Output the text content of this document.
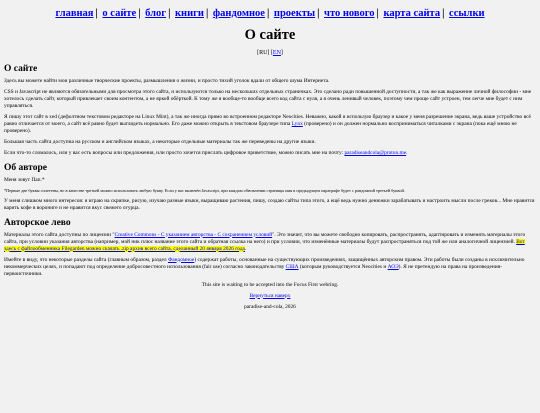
главная | о сайте | блог | книги | фандомное | проекты | что нового | карта сайта | ссылки
О сайте
[RU] [EN]
О сайте

Здесь вы можете найти мои различные творческие проекты, размышления о жизни, и просто тихий уголок вдали от общего шума Интернета.

CSS и Javascript не являются обязательными для просмотра этого сайта, и используются только на нескольких отдельных страничках. Это сделано ради повышенной доступности, а так же как выражение личной философии - мне хотелось сделать сайт, который привлекает своим контентом, а не яркой обёрткой. К тому же я вообще-то вообще всего код сайта с нуля, а я очень ленивый человек, поэтому чем проще сайт устроен, тем легче мне будет с ним управляться.

Я пишу этот сайт в xed (дефолтном текстовом редакторе на Linux Mint), а так же иногда прямо во встроенном редакторе Neocities. Неважно, какой я использую браузер и какое у меня разрешение экрана, ведь ваше устройство всё равно отличается от моего, а сайт всё равно будет выглядеть нормально. Его даже можно открыть в текстовом браузере типа Lynx (проверено) и он должен нормально восприниматься читалками с экрана (пока ещё мною не проверено).

Большая часть сайта доступна на русском и английском языках, а некоторые отдельные материалы так же переведены на другие языки.

Если что-то сломалось, или у вас есть вопросы или предложения, или просто хочется прислать цифровое приветствие, можно писать мне на почту: paradiseandcola@proton.me.

Об авторе

Меня зовут Пап.*

*Первые две буквы сплетены, но в качестве третьей можно использовать любую букву. Если у вас включён Javascript, при каждом обновлении страницы имя в предыдущем параграфе будет с рандомной третьей буквой.

У меня слишком много интересов: я играю на скрипке, рисую, изучаю разные языки, выращиваю растения, пишу, создаю сайты типа этого, а ещё ведь нужно денюжки зарабатывать и настроить мысли после греков... Мне нравится варить кофе в ворониге и не нравится вкус свежего огурца.

Авторское лево

Материалы этого сайта доступны по лицензии "Creative Commons - С указанием авторства - С сохранением условий". Это значит, что вы можете свободно копировать, распространять, адаптировать и изменять материалы этого сайта, при условии указания авторства (например, мой ник плюс название этого сайта и обратная ссылка на него) и при условии, что изменённые материалы будут распространяться под той же или аналогичной лицензией. Вот здесь с файлообменника Filegarden можно скачать .zip архив всего сайта, сделанный 20 января 2026 года.

Имейте в виду, что некоторые разделы сайта (главным образом, раздел Фандомное) содержат работы, основанные на существующих произведениях, защищённых авторским правом. Эти работы были созданы в исключительно некоммерческих целях, и попадают под определение добросовестного использования (fair use) согласно законодательству США (которым руководствуется Neocities и АОЭ). Я не претендую на права на произведения-первоисточники.

This site is waiting to be accepted into the Focus First webring.

Вернуться наверх

paradise-and-cola, 2026
